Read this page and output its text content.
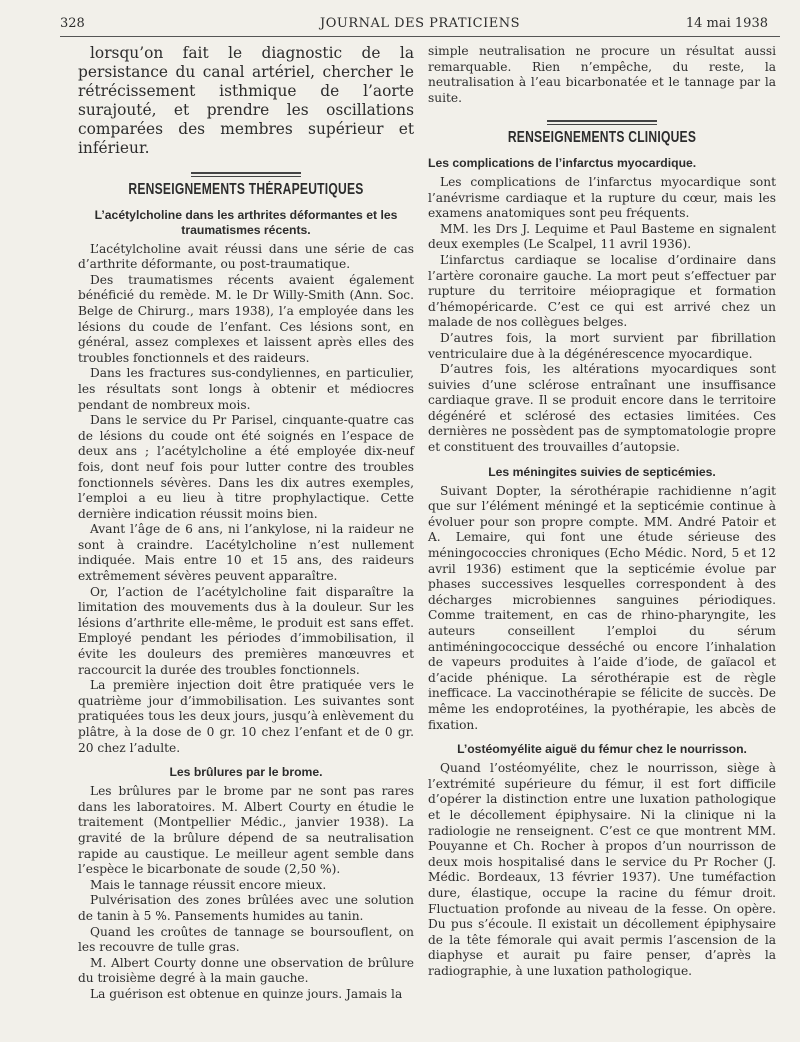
328	JOURNAL DES PRATICIENS	14 mai 1938

lorsqu’on fait le diagnostic de la persistance du canal artériel, chercher le rétrécissement isthmique de l’aorte surajouté, et prendre les oscillations comparées des membres supérieur et inférieur.

RENSEIGNEMENTS THÉRAPEUTIQUES
L’acétylcholine dans les arthrites déformantes et les traumatismes récents.

L’acétylcholine avait réussi dans une série de cas d’arthrite déformante, ou post-traumatique.

Des traumatismes récents avaient également bénéficié du remède. M. le Dr Willy-Smith (Ann. Soc. Belge de Chirurg., mars 1938), l’a employée dans les lésions du coude de l’enfant. Ces lésions sont, en général, assez complexes et laissent après elles des troubles fonctionnels et des raideurs.

Dans les fractures sus-condyliennes, en particulier, les résultats sont longs à obtenir et médiocres pendant de nombreux mois.

Dans le service du Pr Parisel, cinquante-quatre cas de lésions du coude ont été soignés en l’espace de deux ans ; l’acétylcholine a été employée dix-neuf fois, dont neuf fois pour lutter contre des troubles fonctionnels sévères. Dans les dix autres exemples, l’emploi a eu lieu à titre prophylactique. Cette dernière indication réussit moins bien.

Avant l’âge de 6 ans, ni l’ankylose, ni la raideur ne sont à craindre. L’acétylcholine n’est nullement indiquée. Mais entre 10 et 15 ans, des raideurs extrêmement sévères peuvent apparaître.

Or, l’action de l’acétylcholine fait disparaître la limitation des mouvements dus à la douleur. Sur les lésions d’arthrite elle-même, le produit est sans effet. Employé pendant les périodes d’immobilisation, il évite les douleurs des premières manœuvres et raccourcit la durée des troubles fonctionnels.

La première injection doit être pratiquée vers le quatrième jour d’immobilisation. Les suivantes sont pratiquées tous les deux jours, jusqu’à enlèvement du plâtre, à la dose de 0 gr. 10 chez l’enfant et de 0 gr. 20 chez l’adulte.

Les brûlures par le brome.

Les brûlures par le brome par ne sont pas rares dans les laboratoires. M. Albert Courty en étudie le traitement (Montpellier Médic., janvier 1938). La gravité de la brûlure dépend de sa neutralisation rapide au caustique. Le meilleur agent semble dans l’espèce le bicarbonate de soude (2,50 %).

Mais le tannage réussit encore mieux.

Pulvérisation des zones brûlées avec une solution de tanin à 5 %. Pansements humides au tanin.

Quand les croûtes de tannage se boursouflent, on les recouvre de tulle gras.

M. Albert Courty donne une observation de brûlure du troisième degré à la main gauche.

La guérison est obtenue en quinze jours. Jamais la

simple neutralisation ne procure un résultat aussi remarquable. Rien n’empêche, du reste, la neutralisation à l’eau bicarbonatée et le tannage par la suite.

RENSEIGNEMENTS CLINIQUES
Les complications de l’infarctus myocardique.

Les complications de l’infarctus myocardique sont l’anévrisme cardiaque et la rupture du cœur, mais les examens anatomiques sont peu fréquents.

MM. les Drs J. Lequime et Paul Basteme en signalent deux exemples (Le Scalpel, 11 avril 1936).

L’infarctus cardiaque se localise d’ordinaire dans l’artère coronaire gauche. La mort peut s’effectuer par rupture du territoire méiopragique et formation d’hémopéricarde. C’est ce qui est arrivé chez un malade de nos collègues belges.

D’autres fois, la mort survient par fibrillation ventriculaire due à la dégénérescence myocardique.

D’autres fois, les altérations myocardiques sont suivies d’une sclérose entraînant une insuffisance cardiaque grave. Il se produit encore dans le territoire dégénéré et sclérosé des ectasies limitées. Ces dernières ne possèdent pas de symptomatologie propre et constituent des trouvailles d’autopsie.

Les méningites suivies de septicémies.

Suivant Dopter, la sérothérapie rachidienne n’agit que sur l’élément méningé et la septicémie continue à évoluer pour son propre compte. MM. André Patoir et A. Lemaire, qui font une étude sérieuse des méningococcies chroniques (Echo Médic. Nord, 5 et 12 avril 1936) estiment que la septicémie évolue par phases successives lesquelles correspondent à des décharges microbiennes sanguines périodiques. Comme traitement, en cas de rhino-pharyngite, les auteurs conseillent l’emploi du sérum antiméningococcique desséché ou encore l’inhalation de vapeurs produites à l’aide d’iode, de gaïacol et d’acide phénique. La sérothérapie est de règle inefficace. La vaccinothérapie se félicite de succès. De même les endoprotéines, la pyothérapie, les abcès de fixation.

L’ostéomyélite aiguë du fémur chez le nourrisson.

Quand l’ostéomyélite, chez le nourrisson, siège à l’extrémité supérieure du fémur, il est fort difficile d’opérer la distinction entre une luxation pathologique et le décollement épiphysaire. Ni la clinique ni la radiologie ne renseignent. C’est ce que montrent MM. Pouyanne et Ch. Rocher à propos d’un nourrisson de deux mois hospitalisé dans le service du Pr Rocher (J. Médic. Bordeaux, 13 février 1937). Une tuméfaction dure, élastique, occupe la racine du fémur droit. Fluctuation profonde au niveau de la fesse. On opère. Du pus s’écoule. Il existait un décollement épiphysaire de la tête fémorale qui avait permis l’ascension de la diaphyse et aurait pu faire penser, d’après la radiographie, à une luxation pathologique.
